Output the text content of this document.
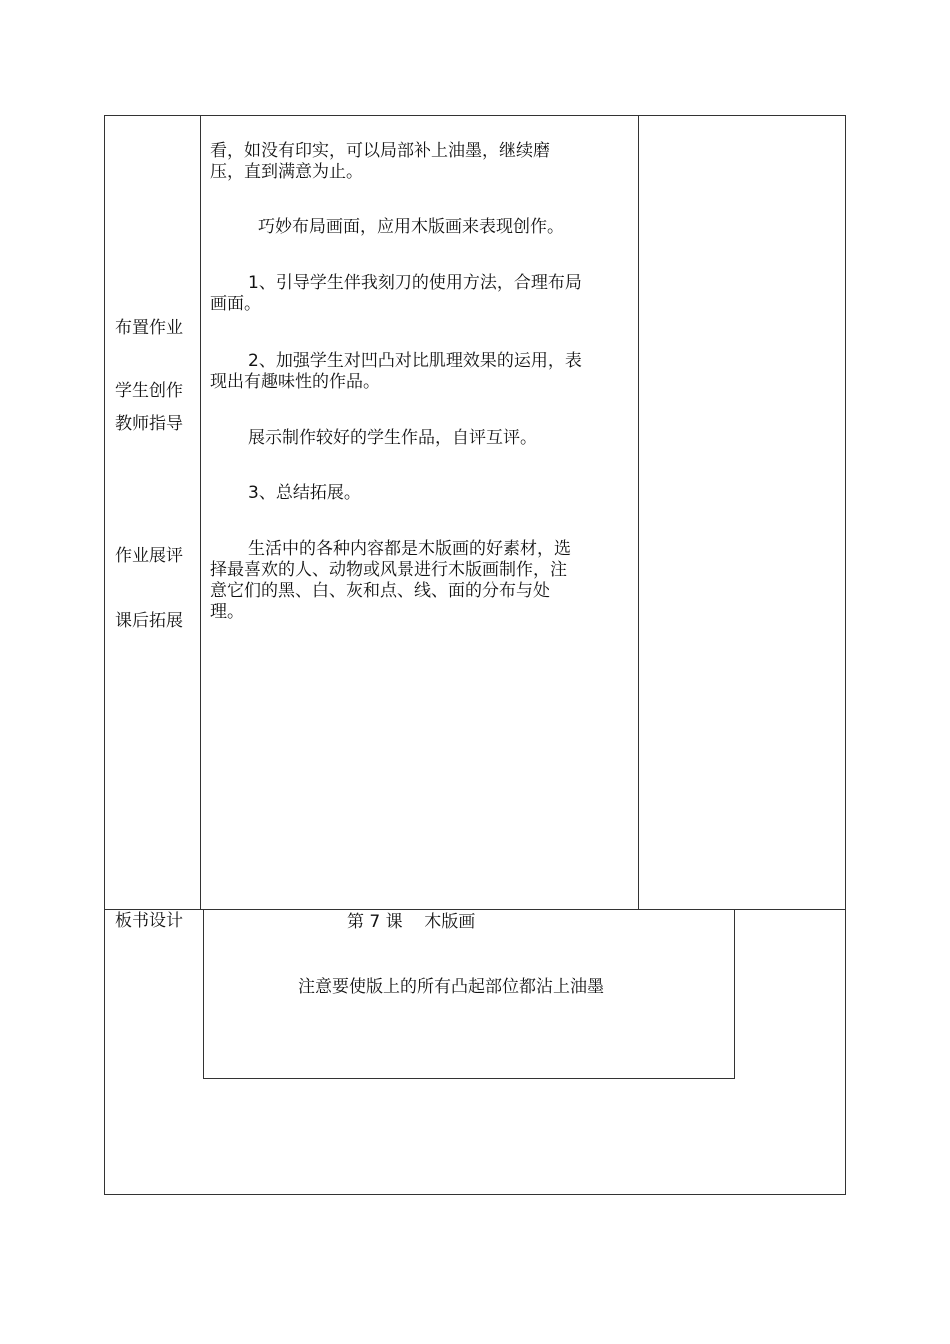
布置作业
学生创作
教师指导
作业展评
课后拓展
看，如没有印实，可以局部补上油墨，继续磨
压，直到满意为止。
巧妙布局画面，应用木版画来表现创作。
1、引导学生伴我刻刀的使用方法，合理布局
画面。
2、加强学生对凹凸对比肌理效果的运用，表
现出有趣味性的作品。
展示制作较好的学生作品，自评互评。
3、总结拓展。
生活中的各种内容都是木版画的好素材，选
择最喜欢的人、动物或风景进行木版画制作，注
意它们的黑、白、灰和点、线、面的分布与处
理。
板书设计	第 7 课    木版画
注意要使版上的所有凸起部位都沾上油墨
